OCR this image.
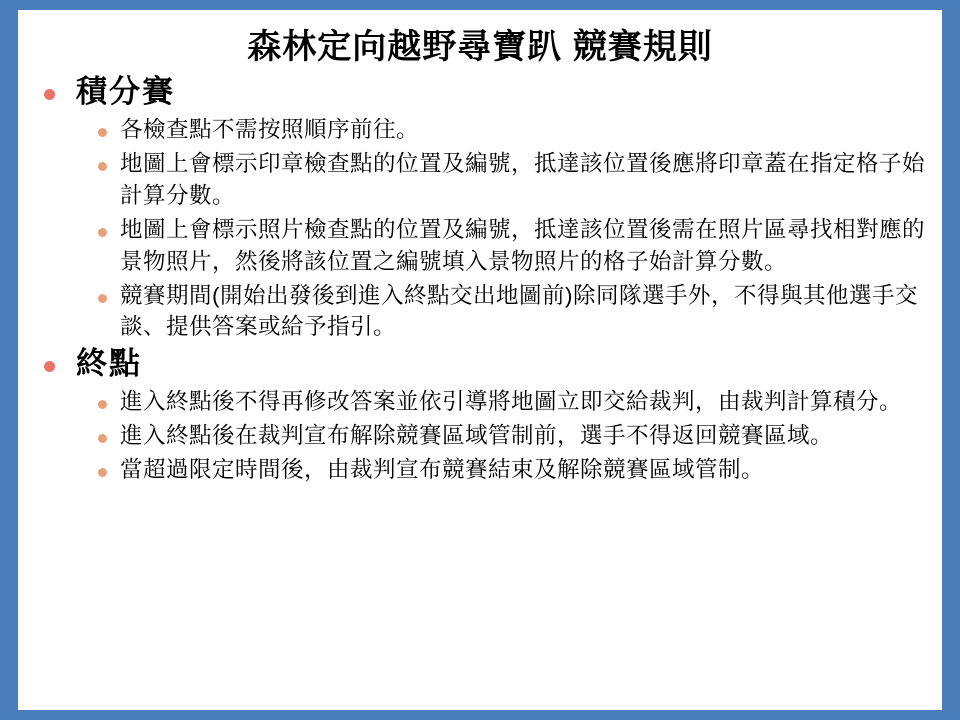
森林定向越野尋寶趴 競賽規則
積分賽
各檢查點不需按照順序前往。
地圖上會標示印章檢查點的位置及編號，抵達該位置後應將印章蓋在指定格子始計算分數。
地圖上會標示照片檢查點的位置及編號，抵達該位置後需在照片區尋找相對應的景物照片，然後將該位置之編號填入景物照片的格子始計算分數。
競賽期間(開始出發後到進入終點交出地圖前)除同隊選手外，不得與其他選手交談、提供答案或給予指引。
終點
進入終點後不得再修改答案並依引導將地圖立即交給裁判，由裁判計算積分。
進入終點後在裁判宣布解除競賽區域管制前，選手不得返回競賽區域。
當超過限定時間後，由裁判宣布競賽結束及解除競賽區域管制。
